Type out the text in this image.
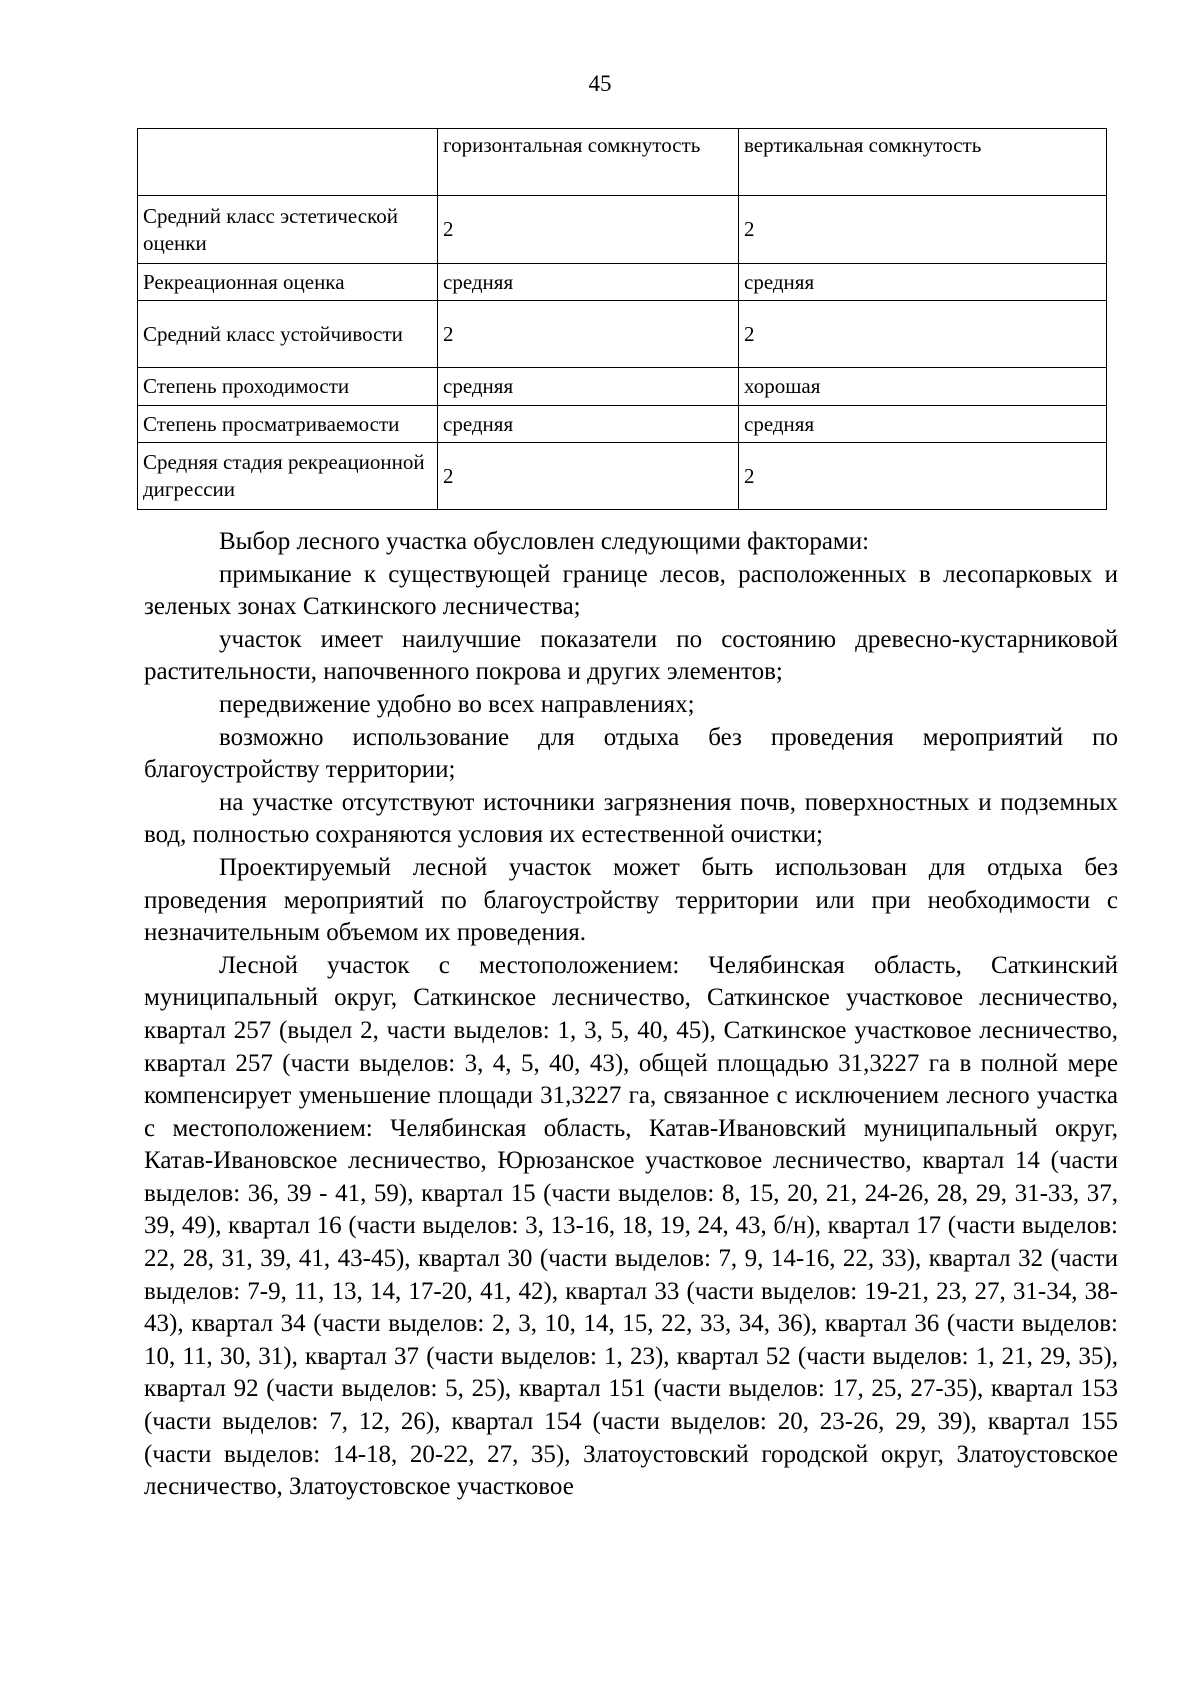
45
	горизонтальная сомкнутость	вертикальная сомкнутость
Средний класс эстетической оценки	2	2
Рекреационная оценка	средняя	средняя
Средний класс устойчивости	2	2
Степень проходимости	средняя	хорошая
Степень просматриваемости	средняя	средняя
Средняя стадия рекреационной дигрессии	2	2

Выбор лесного участка обусловлен следующими факторами:

примыкание к существующей границе лесов, расположенных в лесопарковых и зеленых зонах Саткинского лесничества;

участок имеет наилучшие показатели по состоянию древесно-кустарниковой растительности, напочвенного покрова и других элементов;

передвижение удобно во всех направлениях;

возможно использование для отдыха без проведения мероприятий по благоустройству территории;

на участке отсутствуют источники загрязнения почв, поверхностных и подземных вод, полностью сохраняются условия их естественной очистки;

Проектируемый лесной участок может быть использован для отдыха без проведения мероприятий по благоустройству территории или при необходимости с незначительным объемом их проведения.

Лесной участок с местоположением: Челябинская область, Саткинский муниципальный округ, Саткинское лесничество, Саткинское участковое лесничество, квартал 257 (выдел 2, части выделов: 1, 3, 5, 40, 45), Саткинское участковое лесничество, квартал 257 (части выделов: 3, 4, 5, 40, 43), общей площадью 31,3227 га в полной мере компенсирует уменьшение площади 31,3227 га, связанное с исключением лесного участка с местоположением: Челябинская область, Катав-Ивановский муниципальный округ, Катав-Ивановское лесничество, Юрюзанское участковое лесничество, квартал 14 (части выделов: 36, 39 - 41, 59), квартал 15 (части выделов: 8, 15, 20, 21, 24-26, 28, 29, 31-33, 37, 39, 49), квартал 16 (части выделов: 3, 13-16, 18, 19, 24, 43, б/н), квартал 17 (части выделов: 22, 28, 31, 39, 41, 43-45), квартал 30 (части выделов: 7, 9, 14-16, 22, 33), квартал 32 (части выделов: 7-9, 11, 13, 14, 17-20, 41, 42), квартал 33 (части выделов: 19-21, 23, 27, 31-34, 38-43), квартал 34 (части выделов: 2, 3, 10, 14, 15, 22, 33, 34, 36), квартал 36 (части выделов: 10, 11, 30, 31), квартал 37 (части выделов: 1, 23), квартал 52 (части выделов: 1, 21, 29, 35), квартал 92 (части выделов: 5, 25), квартал 151 (части выделов: 17, 25, 27-35), квартал 153 (части выделов: 7, 12, 26), квартал 154 (части выделов: 20, 23-26, 29, 39), квартал 155 (части выделов: 14-18, 20-22, 27, 35), Златоустовский городской округ, Златоустовское лесничество, Златоустовское участковое
